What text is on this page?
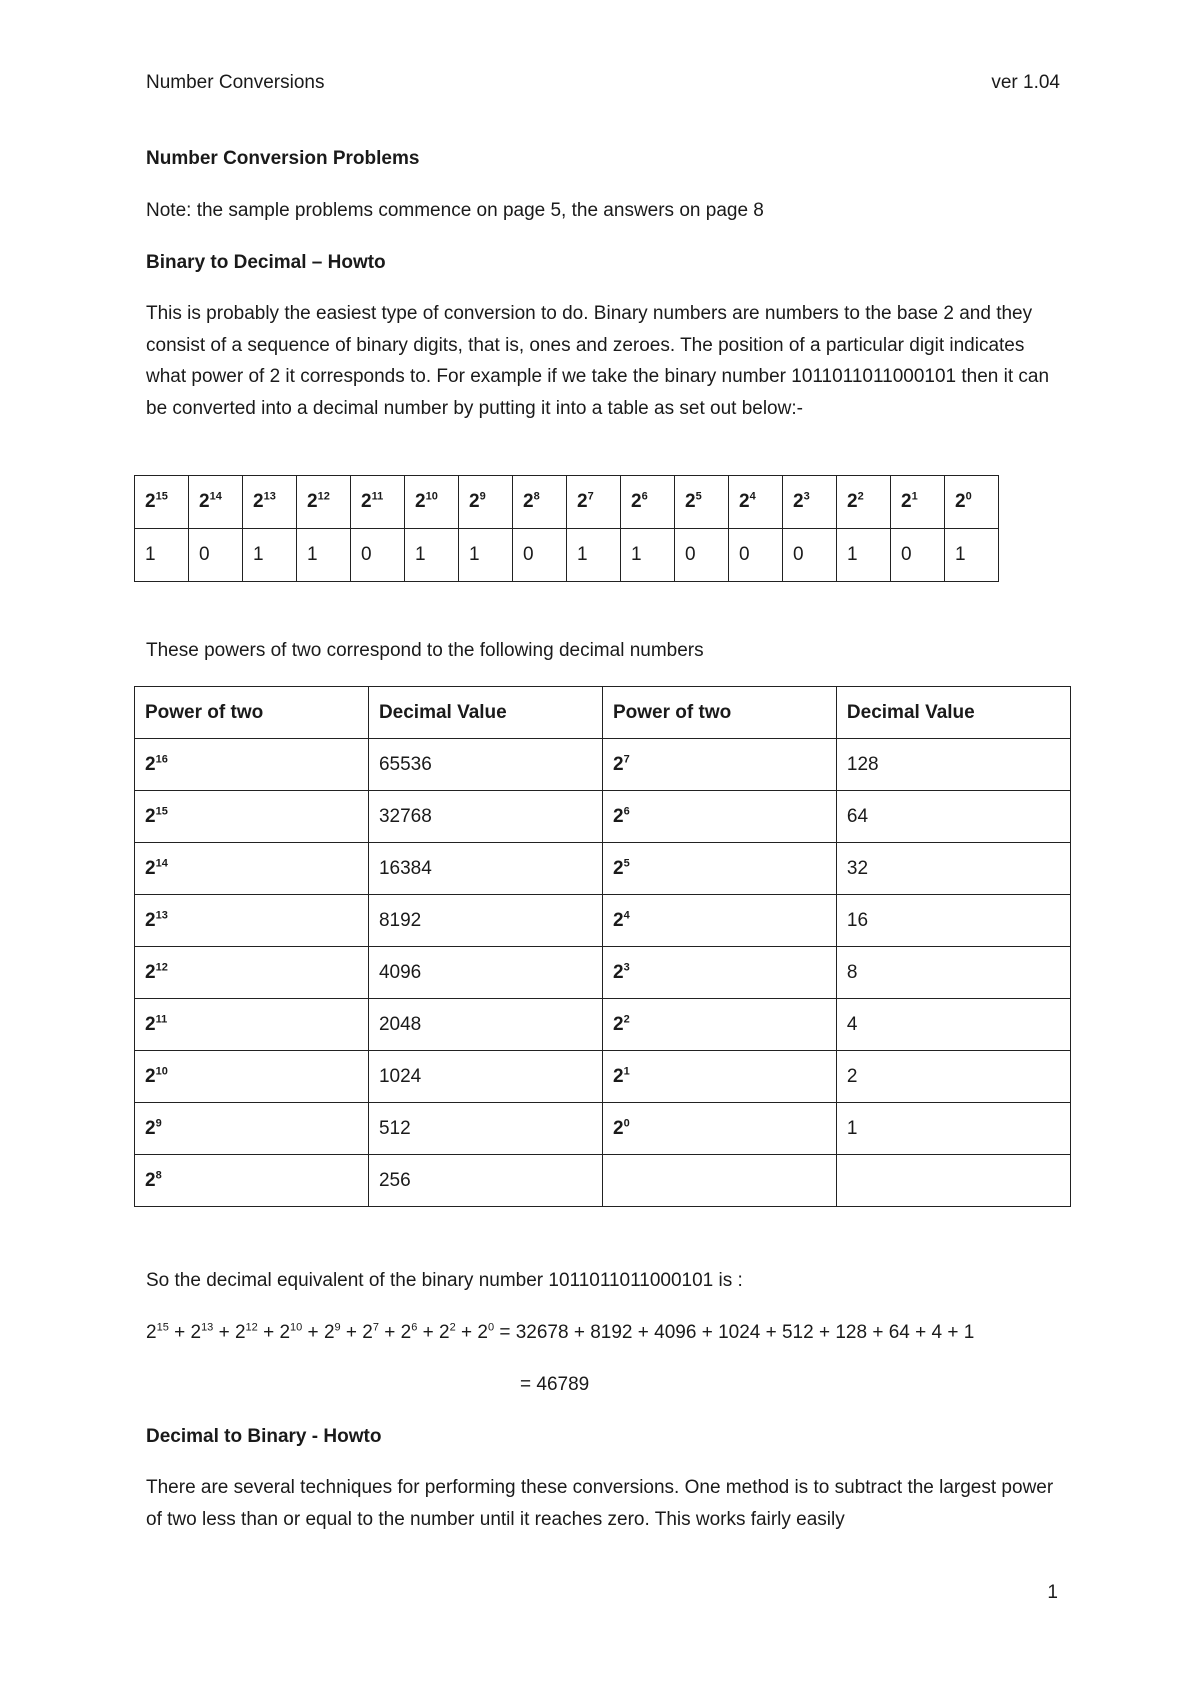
Number Conversions	ver 1.04
Number Conversion Problems
Note: the sample problems commence on page 5, the answers on page 8
Binary to Decimal – Howto
This is probably the easiest type of conversion to do. Binary numbers are numbers to the base 2 and they consist of a sequence of binary digits, that is, ones and zeroes. The position of a particular digit indicates what power of 2 it corresponds to. For example if we take the binary number 1011011011000101 then it can be converted into a decimal number by putting it into a table as set out below:-
$2^{15}$	$2^{14}$	$2^{13}$	$2^{12}$	$2^{11}$	$2^{10}$	$2^9$	$2^8$	$2^7$	$2^6$	$2^5$	$2^4$	$2^3$	$2^2$	$2^1$	$2^0$
1	0	1	1	0	1	1	0	1	1	0	0	0	1	0	1
These powers of two correspond to the following decimal numbers
Power of two	Decimal Value	Power of two	Decimal Value
$2^{16}$	65536	$2^7$	128
$2^{15}$	32768	$2^6$	64
$2^{14}$	16384	$2^5$	32
$2^{13}$	8192	$2^4$	16
$2^{12}$	4096	$2^3$	8
$2^{11}$	2048	$2^2$	4
$2^{10}$	1024	$2^1$	2
$2^9$	512	$2^0$	1
$2^8$	256		
So the decimal equivalent of the binary number 1011011011000101 is :
$2^{15} + 2^{13} + 2^{12} + 2^{10} + 2^9 + 2^7 + 2^6 + 2^2 + 2^0 = 32678 + 8192 + 4096 + 1024 + 512 + 128 + 64 + 4 + 1$
= 46789
Decimal to Binary - Howto
There are several techniques for performing these conversions. One method is to subtract the largest power of two less than or equal to the number until it reaches zero. This works fairly easily
1
